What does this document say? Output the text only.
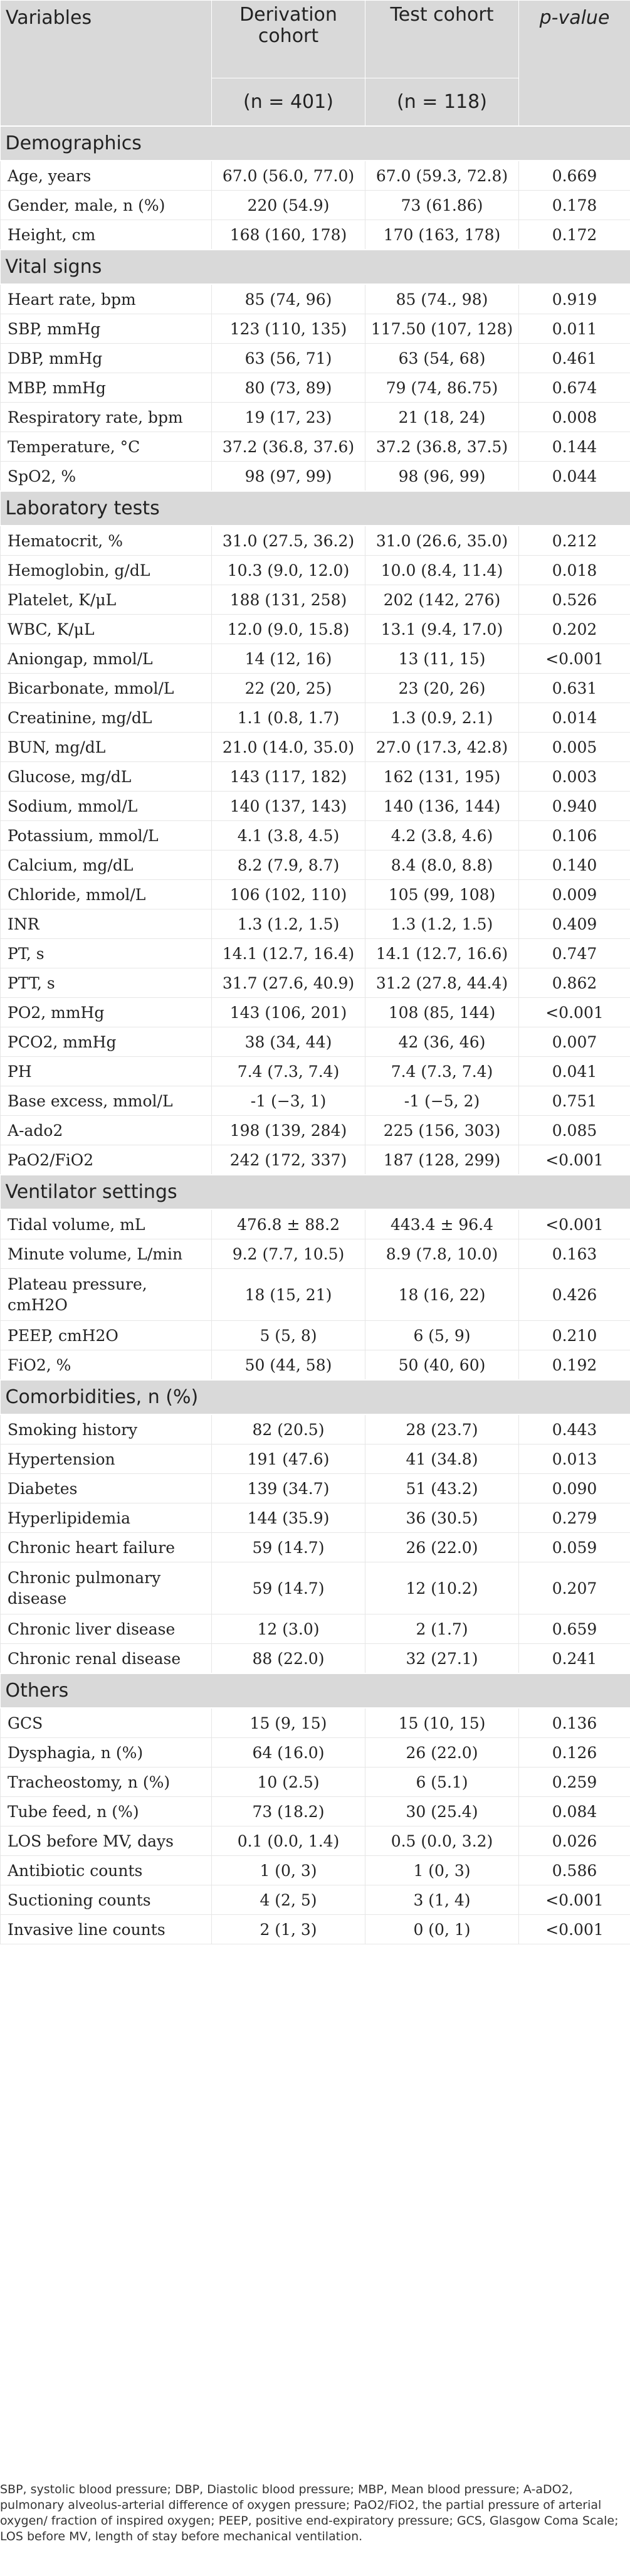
Variables	Derivation cohort	Test cohort	p-value
	(n = 401)	(n = 118)	
Demographics			
Age, years	67.0 (56.0, 77.0)	67.0 (59.3, 72.8)	0.669
Gender, male, n (%)	220 (54.9)	73 (61.86)	0.178
Height, cm	168 (160, 178)	170 (163, 178)	0.172
Vital signs			
Heart rate, bpm	85 (74, 96)	85 (74., 98)	0.919
SBP, mmHg	123 (110, 135)	117.50 (107, 128)	0.011
DBP, mmHg	63 (56, 71)	63 (54, 68)	0.461
MBP, mmHg	80 (73, 89)	79 (74, 86.75)	0.674
Respiratory rate, bpm	19 (17, 23)	21 (18, 24)	0.008
Temperature, °C	37.2 (36.8, 37.6)	37.2 (36.8, 37.5)	0.144
SpO2, %	98 (97, 99)	98 (96, 99)	0.044
Laboratory tests			
Hematocrit, %	31.0 (27.5, 36.2)	31.0 (26.6, 35.0)	0.212
Hemoglobin, g/dL	10.3 (9.0, 12.0)	10.0 (8.4, 11.4)	0.018
Platelet, K/μL	188 (131, 258)	202 (142, 276)	0.526
WBC, K/μL	12.0 (9.0, 15.8)	13.1 (9.4, 17.0)	0.202
Aniongap, mmol/L	14 (12, 16)	13 (11, 15)	<0.001
Bicarbonate, mmol/L	22 (20, 25)	23 (20, 26)	0.631
Creatinine, mg/dL	1.1 (0.8, 1.7)	1.3 (0.9, 2.1)	0.014
BUN, mg/dL	21.0 (14.0, 35.0)	27.0 (17.3, 42.8)	0.005
Glucose, mg/dL	143 (117, 182)	162 (131, 195)	0.003
Sodium, mmol/L	140 (137, 143)	140 (136, 144)	0.940
Potassium, mmol/L	4.1 (3.8, 4.5)	4.2 (3.8, 4.6)	0.106
Calcium, mg/dL	8.2 (7.9, 8.7)	8.4 (8.0, 8.8)	0.140
Chloride, mmol/L	106 (102, 110)	105 (99, 108)	0.009
INR	1.3 (1.2, 1.5)	1.3 (1.2, 1.5)	0.409
PT, s	14.1 (12.7, 16.4)	14.1 (12.7, 16.6)	0.747
PTT, s	31.7 (27.6, 40.9)	31.2 (27.8, 44.4)	0.862
PO2, mmHg	143 (106, 201)	108 (85, 144)	<0.001
PCO2, mmHg	38 (34, 44)	42 (36, 46)	0.007
PH	7.4 (7.3, 7.4)	7.4 (7.3, 7.4)	0.041
Base excess, mmol/L	-1 (−3, 1)	-1 (−5, 2)	0.751
A-ado2	198 (139, 284)	225 (156, 303)	0.085
PaO2/FiO2	242 (172, 337)	187 (128, 299)	<0.001
Ventilator settings			
Tidal volume, mL	476.8 ± 88.2	443.4 ± 96.4	<0.001
Minute volume, L/min	9.2 (7.7, 10.5)	8.9 (7.8, 10.0)	0.163
Plateau pressure, cmH2O	18 (15, 21)	18 (16, 22)	0.426
PEEP, cmH2O	5 (5, 8)	6 (5, 9)	0.210
FiO2, %	50 (44, 58)	50 (40, 60)	0.192
Comorbidities, n (%)			
Smoking history	82 (20.5)	28 (23.7)	0.443
Hypertension	191 (47.6)	41 (34.8)	0.013
Diabetes	139 (34.7)	51 (43.2)	0.090
Hyperlipidemia	144 (35.9)	36 (30.5)	0.279
Chronic heart failure	59 (14.7)	26 (22.0)	0.059
Chronic pulmonary disease	59 (14.7)	12 (10.2)	0.207
Chronic liver disease	12 (3.0)	2 (1.7)	0.659
Chronic renal disease	88 (22.0)	32 (27.1)	0.241
Others			
GCS	15 (9, 15)	15 (10, 15)	0.136
Dysphagia, n (%)	64 (16.0)	26 (22.0)	0.126
Tracheostomy, n (%)	10 (2.5)	6 (5.1)	0.259
Tube feed, n (%)	73 (18.2)	30 (25.4)	0.084
LOS before MV, days	0.1 (0.0, 1.4)	0.5 (0.0, 3.2)	0.026
Antibiotic counts	1 (0, 3)	1 (0, 3)	0.586
Suctioning counts	4 (2, 5)	3 (1, 4)	<0.001
Invasive line counts	2 (1, 3)	0 (0, 1)	<0.001
SBP, systolic blood pressure; DBP, Diastolic blood pressure; MBP, Mean blood pressure; A-aDO2, pulmonary alveolus-arterial difference of oxygen pressure; PaO2/FiO2, the partial pressure of arterial oxygen/ fraction of inspired oxygen; PEEP, positive end-expiratory pressure; GCS, Glasgow Coma Scale; LOS before MV, length of stay before mechanical ventilation.
